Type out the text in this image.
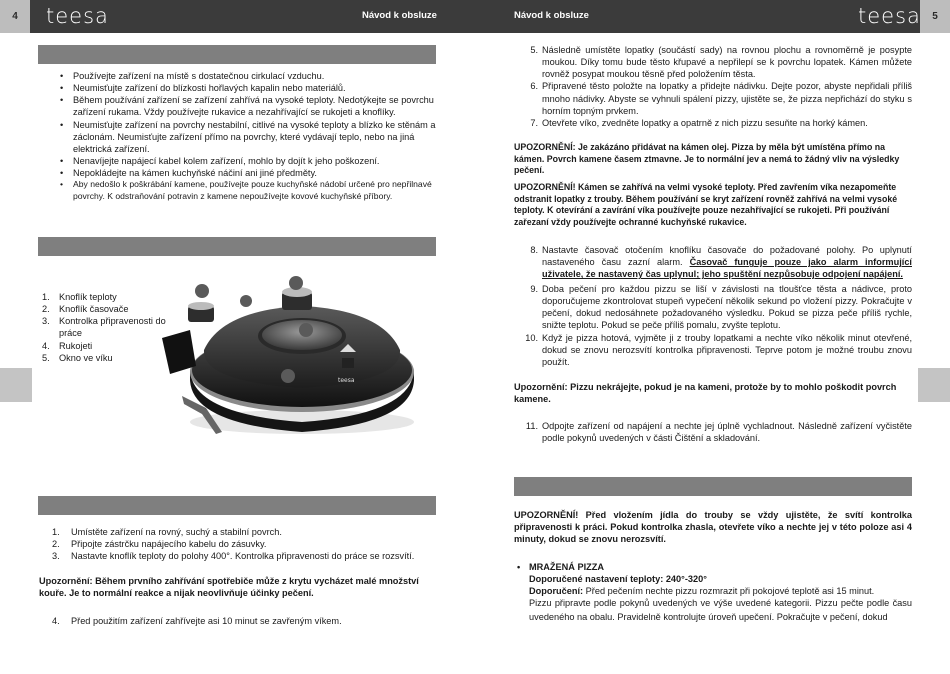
4	5
teesa	teesa
Návod k obsluze	Návod k obsluze
• Používejte zařízení na místě s dostatečnou cirkulací vzduchu.
• Neumisťujte zařízení do blízkosti hořlavých kapalin nebo materiálů.
• Během používání zařízení se zařízení zahřívá na vysoké teploty. Nedotýkejte se povrchu zařízení rukama. Vždy používejte rukavice a nezahřívající se rukojeti a knoflíky.
• Neumisťujte zařízení na povrchy nestabilní, citlivé na vysoké teploty a blízko ke stěnám a záclonám. Neumisťujte zařízení přímo na povrchy, které vydávají teplo, nebo na jiná elektrická zařízení.
• Nenavíjejte napájecí kabel kolem zařízení, mohlo by dojít k jeho poškození.
• Nepokládejte na kámen kuchyňské náčiní ani jiné předměty.
• Aby nedošlo k poškrábání kamene, používejte pouze kuchyňské nádobí určené pro nepřilnavé povrchy. K odstraňování potravin z kamene nepoužívejte kovové kuchyňské příbory.
1. Knoflík teploty
2. Knoflík časovače
3. Kontrolka připravenosti do práce
4. Rukojeti
5. Okno ve víku
teesa
1.	Umístěte zařízení na rovný, suchý a stabilní povrch.
2.	Připojte zástrčku napájecího kabelu do zásuvky.
3.	Nastavte knoflík teploty do polohy 400°. Kontrolka připravenosti do práce se rozsvítí.
Upozornění: Během prvního zahřívání spotřebiče může z krytu vycházet malé množství kouře. Je to normální reakce a nijak neovlivňuje účinky pečení.
4.	Před použitím zařízení zahřívejte asi 10 minut se zavřeným víkem.
5. Následně umístěte lopatky (součástí sady) na rovnou plochu a rovnoměrně je posypte moukou. Díky tomu bude těsto křupavé a nepřilepí se k povrchu lopatek. Kámen můžete rovněž posypat moukou těsně před položením těsta.
6. Připravené těsto položte na lopatky a přidejte nádivku. Dejte pozor, abyste nepřidali příliš mnoho nádivky. Abyste se vyhnuli spálení pizzy, ujistěte se, že pizza nepřichází do styku s horním topným prvkem.
7. Otevřete víko, zvedněte lopatky a opatrně z nich pizzu sesuňte na horký kámen.
UPOZORNĚNÍ: Je zakázáno přidávat na kámen olej. Pizza by měla být umístěna přímo na kámen. Povrch kamene časem ztmavne. Je to normální jev a nemá to žádný vliv na výsledky pečení.
UPOZORNĚNÍ! Kámen se zahřívá na velmi vysoké teploty. Před zavřením víka nezapomeňte odstranit lopatky z trouby. Během používání se kryt zařízení rovněž zahřívá na velmi vysoké teploty. K otevírání a zavírání víka používejte pouze nezahřívající se rukojeti. Při používání zařezaní vždy používejte ochranné kuchyňské rukavice.
8. Nastavte časovač otočením knoflíku časovače do požadované polohy. Po uplynutí nastaveného času zazní alarm. Časovač funguje pouze jako alarm informující uživatele, že nastavený čas uplynul; jeho spuštění nezpůsobuje odpojení napájení.
9. Doba pečení pro každou pizzu se liší v závislosti na tloušťce těsta a nádivce, proto doporučujeme zkontrolovat stupeň vypečení několik sekund po vložení pizzy. Pokračujte v pečení, dokud nedosáhnete požadovaného výsledku. Pokud se pizza peče příliš rychle, snižte teplotu. Pokud se peče příliš pomalu, zvyšte teplotu.
10. Když je pizza hotová, vyjměte ji z trouby lopatkami a nechte víko několik minut otevřené, dokud se znovu nerozsvítí kontrolka připravenosti. Teprve potom je možné troubu znovu použít.
Upozornění: Pizzu nekrájejte, pokud je na kameni, protože by to mohlo poškodit povrch kamene.
11. Odpojte zařízení od napájení a nechte jej úplně vychladnout. Následně zařízení vyčistěte podle pokynů uvedených v části Čištění a skladování.
UPOZORNĚNÍ! Před vložením jídla do trouby se vždy ujistěte, že svítí kontrolka připravenosti k práci. Pokud kontrolka zhasla, otevřete víko a nechte jej v této poloze asi 4 minuty, dokud se znovu nerozsvítí.
• MRAŽENÁ PIZZA
Doporučené nastavení teploty: 240°-320°
Doporučení: Před pečením nechte pizzu rozmrazit při pokojové teplotě asi 15 minut.
Pizzu připravte podle pokynů uvedených ve výše uvedené kategorii. Pizzu pečte podle času uvedeného na obalu. Pravidelně kontrolujte úroveň upečení. Pokračujte v pečení, dokud
